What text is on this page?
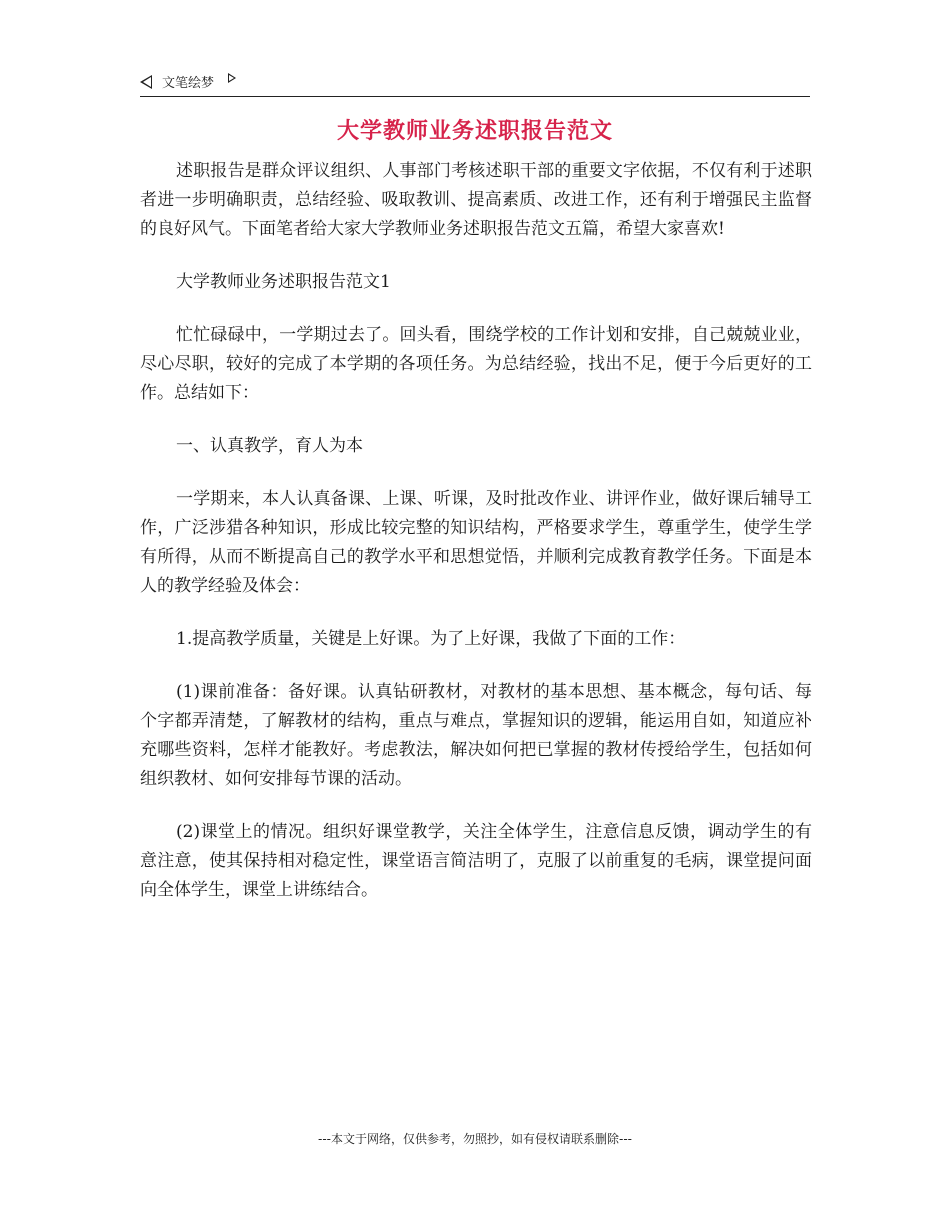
文笔绘梦
大学教师业务述职报告范文

述职报告是群众评议组织、人事部门考核述职干部的重要文字依据，不仅有利于述职者进一步明确职责，总结经验、吸取教训、提高素质、改进工作，还有利于增强民主监督的良好风气。下面笔者给大家大学教师业务述职报告范文五篇，希望大家喜欢!

大学教师业务述职报告范文1

忙忙碌碌中，一学期过去了。回头看，围绕学校的工作计划和安排，自己兢兢业业，尽心尽职，较好的完成了本学期的各项任务。为总结经验，找出不足，便于今后更好的工作。总结如下：

一、认真教学，育人为本

一学期来，本人认真备课、上课、听课，及时批改作业、讲评作业，做好课后辅导工作，广泛涉猎各种知识，形成比较完整的知识结构，严格要求学生，尊重学生，使学生学有所得，从而不断提高自己的教学水平和思想觉悟，并顺利完成教育教学任务。下面是本人的教学经验及体会：

1.提高教学质量，关键是上好课。为了上好课，我做了下面的工作：

(1)课前准备：备好课。认真钻研教材，对教材的基本思想、基本概念，每句话、每个字都弄清楚，了解教材的结构，重点与难点，掌握知识的逻辑，能运用自如，知道应补充哪些资料，怎样才能教好。考虑教法，解决如何把已掌握的教材传授给学生，包括如何组织教材、如何安排每节课的活动。

(2)课堂上的情况。组织好课堂教学，关注全体学生，注意信息反馈，调动学生的有意注意，使其保持相对稳定性，课堂语言简洁明了，克服了以前重复的毛病，课堂提问面向全体学生，课堂上讲练结合。

---本文于网络，仅供参考，勿照抄，如有侵权请联系删除---
